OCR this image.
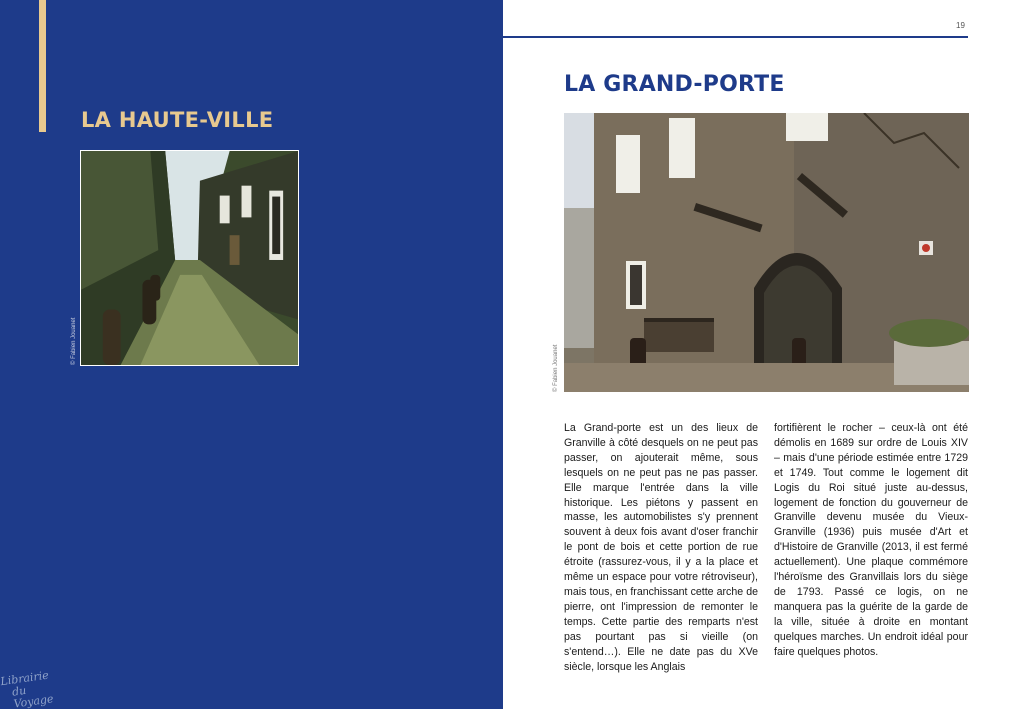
LA HAUTE-VILLE
© Fabien Jouanet
Librairie
du Voyage
19
LA GRAND-PORTE
© Fabien Jouanet

La Grand-porte est un des lieux de Granville à côté desquels on ne peut pas passer, on ajouterait même, sous lesquels on ne peut pas ne pas passer. Elle marque l'entrée dans la ville historique. Les piétons y passent en masse, les automobilistes s'y prennent souvent à deux fois avant d'oser franchir le pont de bois et cette portion de rue étroite (rassurez-vous, il y a la place et même un espace pour votre rétroviseur), mais tous, en franchissant cette arche de pierre, ont l'impression de remonter le temps. Cette partie des remparts n'est pas pourtant pas si vieille (on s'entend…). Elle ne date pas du XVe siècle, lorsque les Anglais

fortifièrent le rocher – ceux-là ont été démolis en 1689 sur ordre de Louis XIV – mais d'une période estimée entre 1729 et 1749. Tout comme le logement dit Logis du Roi situé juste au-dessus, logement de fonction du gouverneur de Granville devenu musée du Vieux-Granville (1936) puis musée d'Art et d'Histoire de Granville (2013, il est fermé actuellement). Une plaque commémore l'héroïsme des Granvillais lors du siège de 1793. Passé ce logis, on ne manquera pas la guérite de la garde de la ville, située à droite en montant quelques marches. Un endroit idéal pour faire quelques photos.
